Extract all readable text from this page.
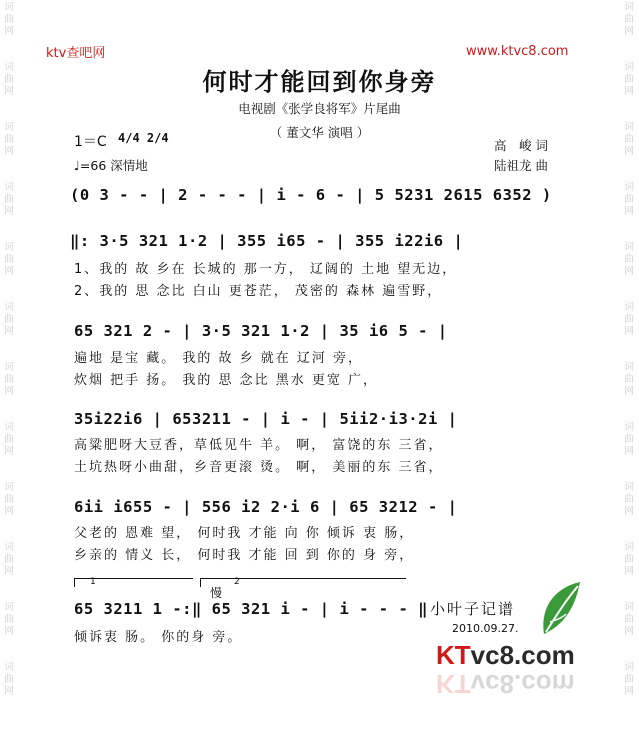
词曲网
词曲网
词曲网
词曲网
词曲网
词曲网
词曲网
词曲网
词曲网
词曲网
词曲网
词曲网
词曲网
词曲网
词曲网
词曲网
词曲网
词曲网
词曲网
词曲网
词曲网
词曲网
词曲网
词曲网
ktv查吧网	www.ktvc8.com
何时才能回到你身旁
电视剧《张学良将军》片尾曲
（ 董文华 演唱 ）
高　峻 词
陆祖龙 曲
1＝C 4/4 2/4
♩=66 深情地
(0 3 - - | 2 - - - | i - 6 - | 5 5231 2615 6352 )
‖: 3·5 321 1·2 | 355 i65 - | 355 i22i6 |
1、我的 故 乡在 长城的 那一方， 辽阔的 土地 望无边，
2、我的 思 念比 白山 更苍茫， 茂密的 森林 遍雪野，
65 321 2 - | 3·5 321 1·2 | 35 i6 5 - |
遍地 是宝 藏。 我的 故 乡 就在 辽河 旁，
炊烟 把手 扬。 我的 思 念比 黑水 更宽 广，
35i22i6 | 653211 - | i - | 5ii2·i3·2i |
高粱肥呀大豆香，草低见牛 羊。 啊， 富饶的东 三省，
土坑热呀小曲甜，乡音更滚 烫。 啊， 美丽的东 三省，
6ii i655 - | 556 i2 2·i 6 | 65 3212 - |
父老的 恩难 望， 何时我 才能 向 你 倾诉 衷 肠，
乡亲的 情义 长， 何时我 才能 回 到 你的 身 旁，
1	2
慢
65 3211 1 -:‖ 65 321 i - | i - - - ‖
倾诉衷 肠。 你的身 旁。
小叶子记谱
2010.09.27.
KTvc8.com
KTvc8.com
